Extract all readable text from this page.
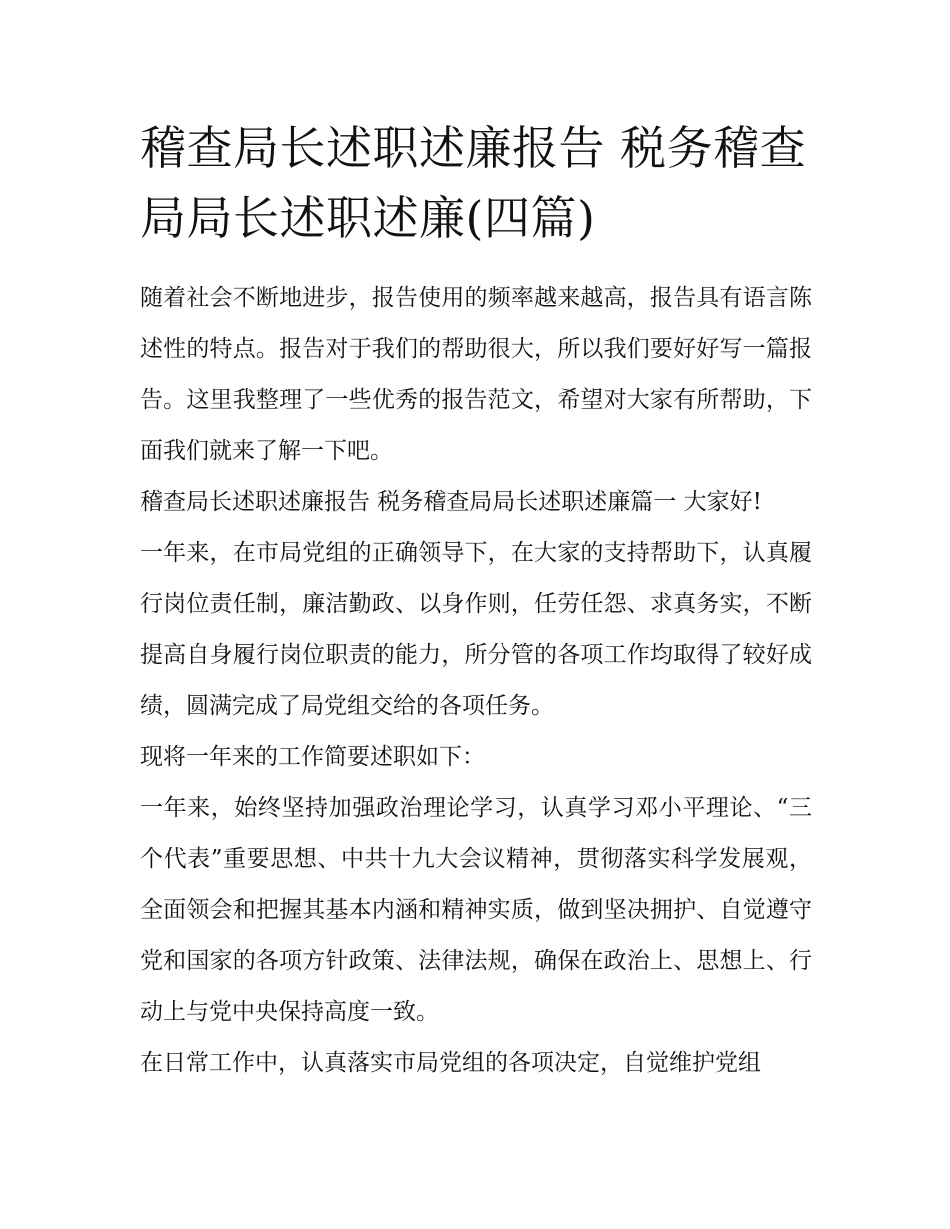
稽查局长述职述廉报告 税务稽查局局长述职述廉(四篇)

随着社会不断地进步，报告使用的频率越来越高，报告具有语言陈述性的特点。报告对于我们的帮助很大，所以我们要好好写一篇报告。这里我整理了一些优秀的报告范文，希望对大家有所帮助，下面我们就来了解一下吧。

稽查局长述职述廉报告 税务稽查局局长述职述廉篇一 大家好!

一年来，在市局党组的正确领导下，在大家的支持帮助下，认真履行岗位责任制，廉洁勤政、以身作则，任劳任怨、求真务实，不断提高自身履行岗位职责的能力，所分管的各项工作均取得了较好成绩，圆满完成了局党组交给的各项任务。

现将一年来的工作简要述职如下：

一年来，始终坚持加强政治理论学习，认真学习邓小平理论、“三个代表”重要思想、中共十九大会议精神，贯彻落实科学发展观，全面领会和把握其基本内涵和精神实质，做到坚决拥护、自觉遵守党和国家的各项方针政策、法律法规，确保在政治上、思想上、行动上与党中央保持高度一致。

在日常工作中，认真落实市局党组的各项决定，自觉维护党组
